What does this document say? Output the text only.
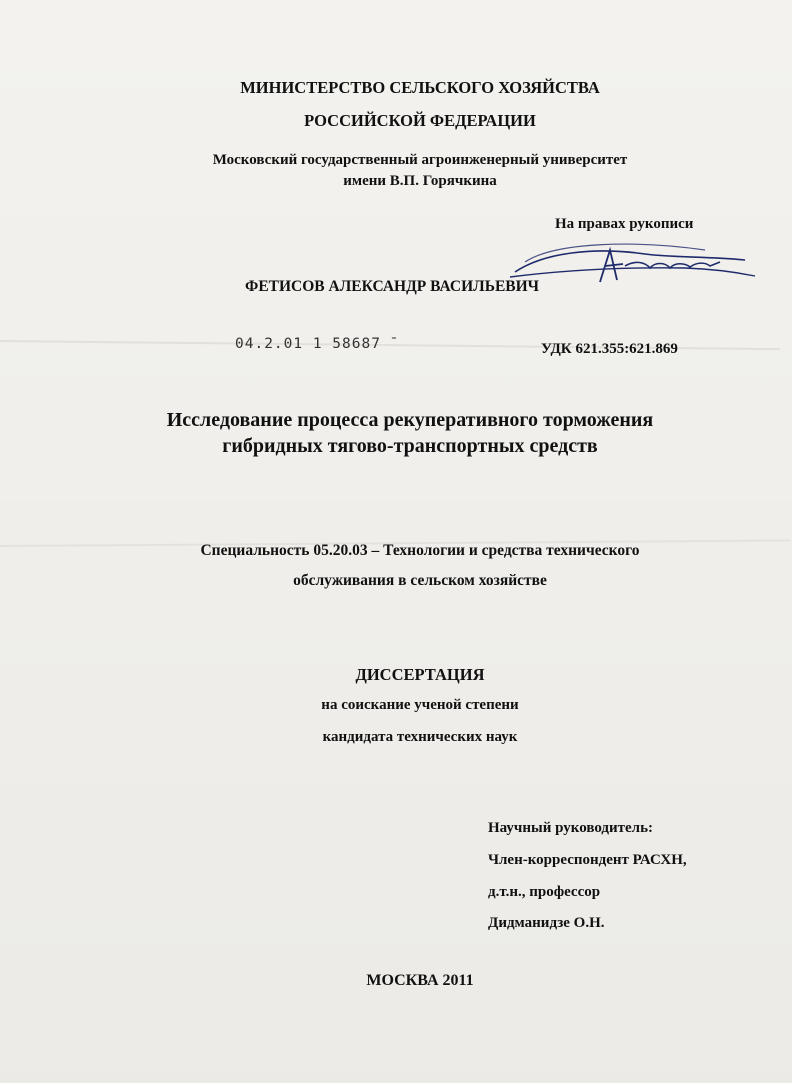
МИНИСТЕРСТВО СЕЛЬСКОГО ХОЗЯЙСТВА
РОССИЙСКОЙ ФЕДЕРАЦИИ
Московский государственный агроинженерный университет
имени В.П. Горячкина
На правах рукописи
ФЕТИСОВ АЛЕКСАНДР ВАСИЛЬЕВИЧ
04.2.01 1 58687 ̄	УДК 621.355:621.869
Исследование процесса рекуперативного торможения
гибридных тягово-транспортных средств
Специальность 05.20.03 – Технологии и средства технического
обслуживания в сельском хозяйстве
ДИССЕРТАЦИЯ
на соискание ученой степени
кандидата технических наук
Научный руководитель:
Член-корреспондент РАСХН,
д.т.н., профессор
Дидманидзе О.Н.
МОСКВА 2011
